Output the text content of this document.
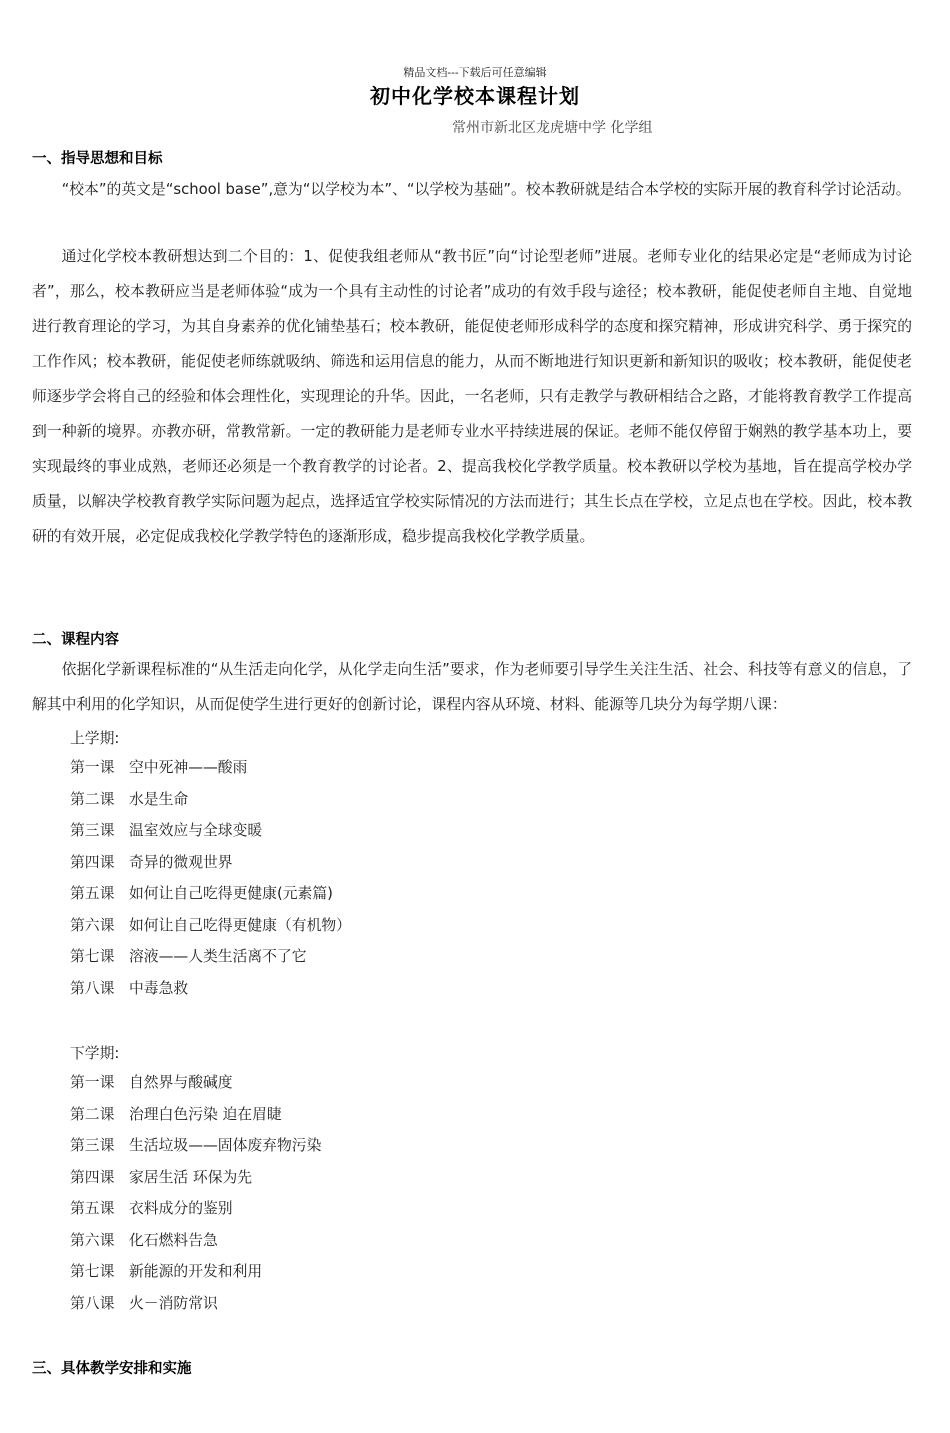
精品文档---下载后可任意编辑
初中化学校本课程计划
常州市新北区龙虎塘中学 化学组
一、指导思想和目标

“校本”的英文是“school base”,意为“以学校为本”、“以学校为基础”。校本教研就是结合本学校的实际开展的教育科学讨论活动。

通过化学校本教研想达到二个目的：1、促使我组老师从“教书匠”向“讨论型老师”进展。老师专业化的结果必定是“老师成为讨论者”，那么，校本教研应当是老师体验“成为一个具有主动性的讨论者”成功的有效手段与途径；校本教研，能促使老师自主地、自觉地进行教育理论的学习，为其自身素养的优化铺垫基石；校本教研，能促使老师形成科学的态度和探究精神，形成讲究科学、勇于探究的工作作风；校本教研，能促使老师练就吸纳、筛选和运用信息的能力，从而不断地进行知识更新和新知识的吸收；校本教研，能促使老师逐步学会将自己的经验和体会理性化，实现理论的升华。因此，一名老师，只有走教学与教研相结合之路，才能将教育教学工作提高到一种新的境界。亦教亦研，常教常新。一定的教研能力是老师专业水平持续进展的保证。老师不能仅停留于娴熟的教学基本功上，要实现最终的事业成熟，老师还必须是一个教育教学的讨论者。2、提高我校化学教学质量。校本教研以学校为基地，旨在提高学校办学质量，以解决学校教育教学实际问题为起点，选择适宜学校实际情况的方法而进行；其生长点在学校，立足点也在学校。因此，校本教研的有效开展，必定促成我校化学教学特色的逐渐形成，稳步提高我校化学教学质量。

二、课程内容

依据化学新课程标准的“从生活走向化学，从化学走向生活”要求，作为老师要引导学生关注生活、社会、科技等有意义的信息，了解其中利用的化学知识，从而促使学生进行更好的创新讨论，课程内容从环境、材料、能源等几块分为每学期八课：

上学期:
第一课 空中死神——酸雨
第二课 水是生命
第三课 温室效应与全球变暖
第四课 奇异的微观世界
第五课 如何让自己吃得更健康(元素篇)
第六课 如何让自己吃得更健康（有机物）
第七课 溶液——人类生活离不了它
第八课 中毒急救
下学期:
第一课 自然界与酸碱度
第二课 治理白色污染 迫在眉睫
第三课 生活垃圾——固体废弃物污染
第四课 家居生活 环保为先
第五课 衣料成分的鉴别
第六课 化石燃料告急
第七课 新能源的开发和利用
第八课 火－消防常识
三、具体教学安排和实施
